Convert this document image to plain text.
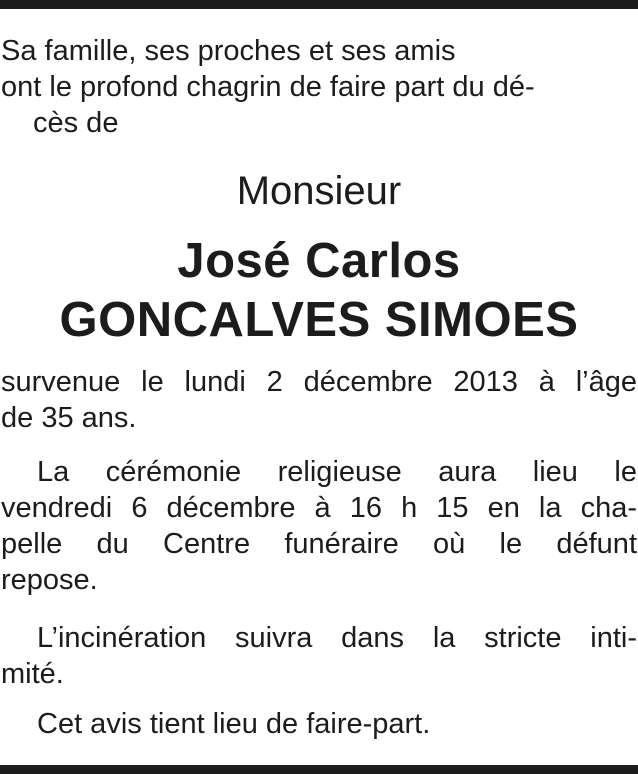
Sa famille, ses proches et ses amis
ont le profond chagrin de faire part du dé-
cès de
Monsieur
José Carlos
GONCALVES SIMOES
survenue le lundi 2 décembre 2013 à l’âge
de 35 ans.
La cérémonie religieuse aura lieu le
vendredi 6 décembre à 16 h 15 en la cha-
pelle du Centre funéraire où le défunt
repose.
L’incinération suivra dans la stricte inti-
mité.
Cet avis tient lieu de faire-part.
